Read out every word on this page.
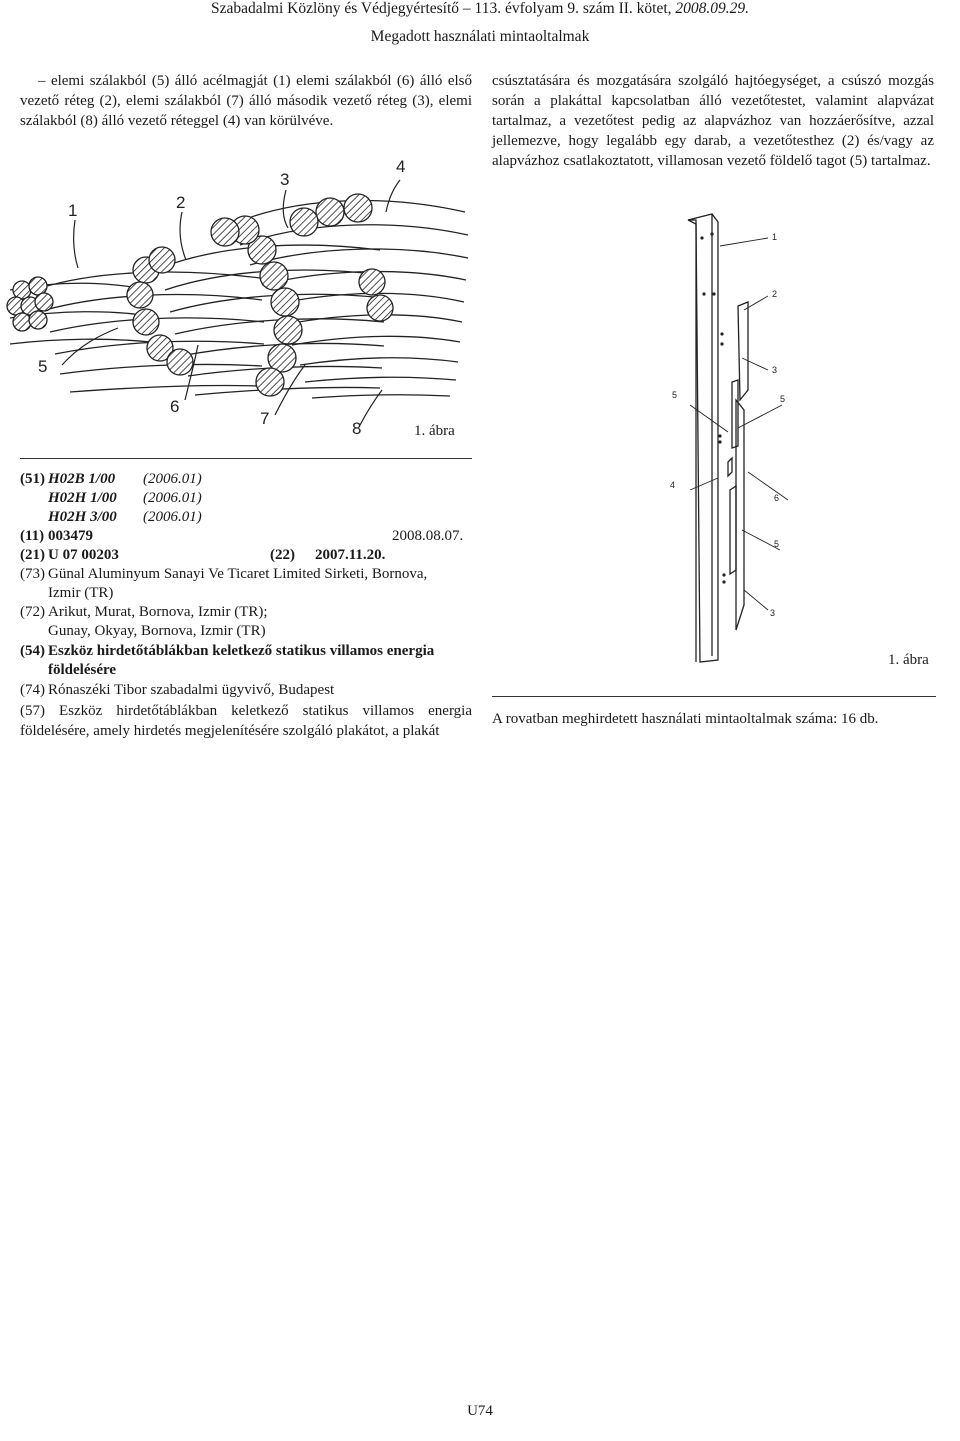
Szabadalmi Közlöny és Védjegyértesítő – 113. évfolyam 9. szám II. kötet, 2008.09.29.
Megadott használati mintaoltalmak
– elemi szálakból (5) álló acélmagját (1) elemi szálakból (6) álló első vezető réteg (2), elemi szálakból (7) álló második vezető réteg (3), elemi szálakból (8) álló vezető réteggel (4) van körülvéve.
csúsztatására és mozgatására szolgáló hajtóegységet, a csúszó mozgás során a plakáttal kapcsolatban álló vezetőtestet, valamint alapvázat tartalmaz, a vezetőtest pedig az alapvázhoz van hozzáerősítve, azzal jellemezve, hogy legalább egy darab, a vezetőtesthez (2) és/vagy az alapvázhoz csatlakoztatott, villamosan vezető földelő tagot (5) tartalmaz.
1	2
3
4
5
6
7
8	1. ábra
(51) H02B 1/00 (2006.01)
H02H 1/00 (2006.01)
H02H 3/00 (2006.01)
(11) 003479	2008.08.07.
(21) U 07 00203	(22) 2007.11.20.
(73) Günal Aluminyum Sanayi Ve Ticaret Limited Sirketi, Bornova,
Izmir (TR)
(72) Arikut, Murat, Bornova, Izmir (TR);
Gunay, Okyay, Bornova, Izmir (TR)
(54) Eszköz hirdetőtáblákban keletkező statikus villamos energia
földelésére
(74) Rónaszéki Tibor szabadalmi ügyvivő, Budapest
(57) Eszköz hirdetőtáblákban keletkező statikus villamos energia földelésére, amely hirdetés megjelenítésére szolgáló plakátot, a plakát
1
2
3
5	5
4
6
5
3
1. ábra
A rovatban meghirdetett használati mintaoltalmak száma: 16 db.
U74
